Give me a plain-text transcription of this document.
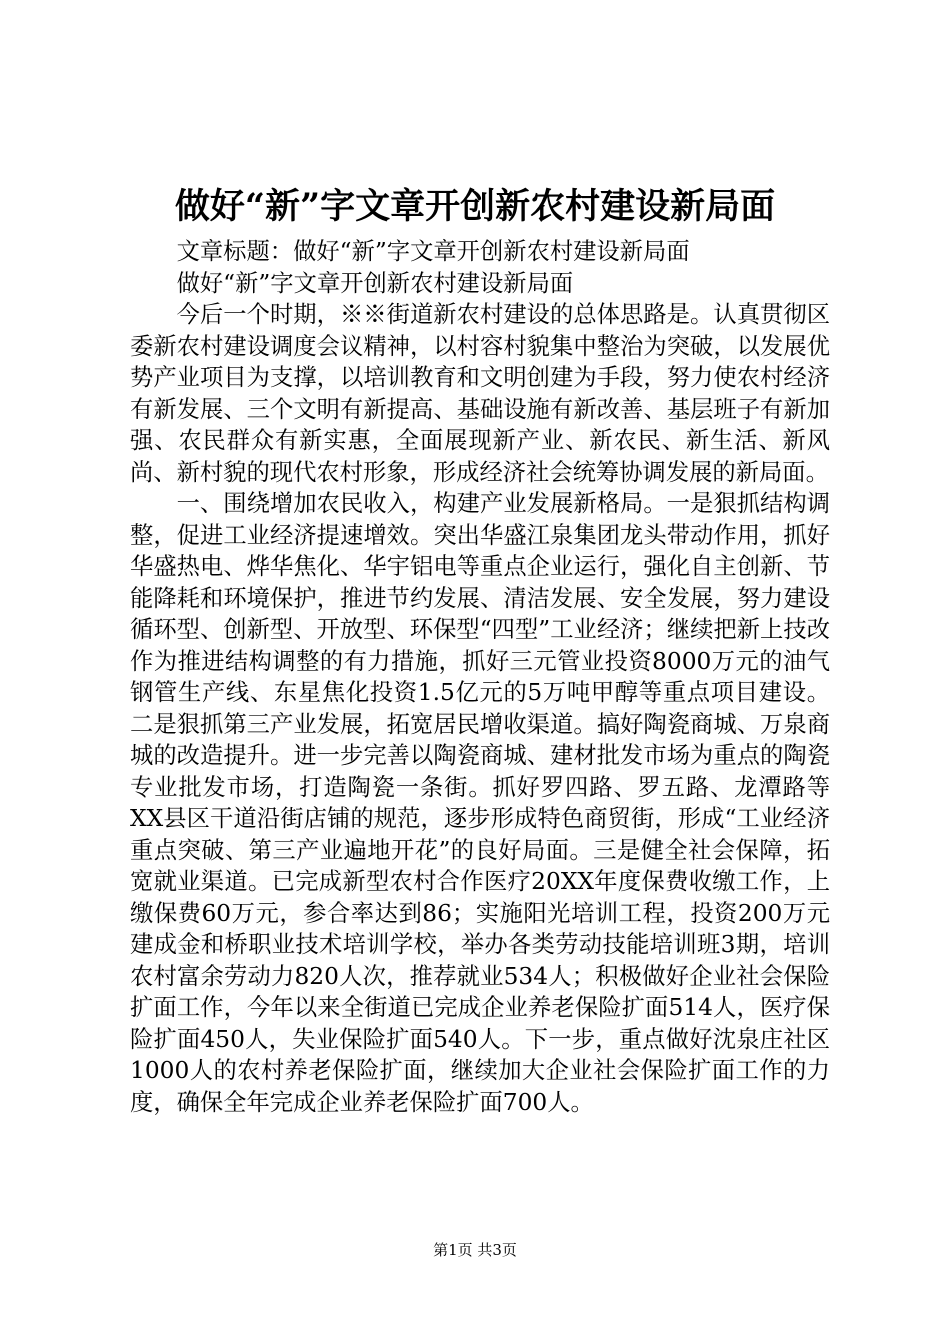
做好“新”字文章开创新农村建设新局面

文章标题：做好“新”字文章开创新农村建设新局面

做好“新”字文章开创新农村建设新局面

今后一个时期，※※街道新农村建设的总体思路是。认真贯彻区委新农村建设调度会议精神，以村容村貌集中整治为突破，以发展优势产业项目为支撑，以培训教育和文明创建为手段，努力使农村经济有新发展、三个文明有新提高、基础设施有新改善、基层班子有新加强、农民群众有新实惠，全面展现新产业、新农民、新生活、新风尚、新村貌的现代农村形象，形成经济社会统筹协调发展的新局面。

一、围绕增加农民收入，构建产业发展新格局。一是狠抓结构调整，促进工业经济提速增效。突出华盛江泉集团龙头带动作用，抓好华盛热电、烨华焦化、华宇铝电等重点企业运行，强化自主创新、节能降耗和环境保护，推进节约发展、清洁发展、安全发展，努力建设循环型、创新型、开放型、环保型“四型”工业经济；继续把新上技改作为推进结构调整的有力措施，抓好三元管业投资8000万元的油气钢管生产线、东星焦化投资1.5亿元的5万吨甲醇等重点项目建设。二是狠抓第三产业发展，拓宽居民增收渠道。搞好陶瓷商城、万泉商城的改造提升。进一步完善以陶瓷商城、建材批发市场为重点的陶瓷专业批发市场，打造陶瓷一条街。抓好罗四路、罗五路、龙潭路等XX县区干道沿街店铺的规范，逐步形成特色商贸街，形成“工业经济重点突破、第三产业遍地开花”的良好局面。三是健全社会保障，拓宽就业渠道。已完成新型农村合作医疗20XX年度保费收缴工作，上缴保费60万元，参合率达到86；实施阳光培训工程，投资200万元建成金和桥职业技术培训学校，举办各类劳动技能培训班3期，培训农村富余劳动力820人次，推荐就业534人；积极做好企业社会保险扩面工作，今年以来全街道已完成企业养老保险扩面514人，医疗保险扩面450人，失业保险扩面540人。下一步，重点做好沈泉庄社区1000人的农村养老保险扩面，继续加大企业社会保险扩面工作的力度，确保全年完成企业养老保险扩面700人。

第1页 共3页
